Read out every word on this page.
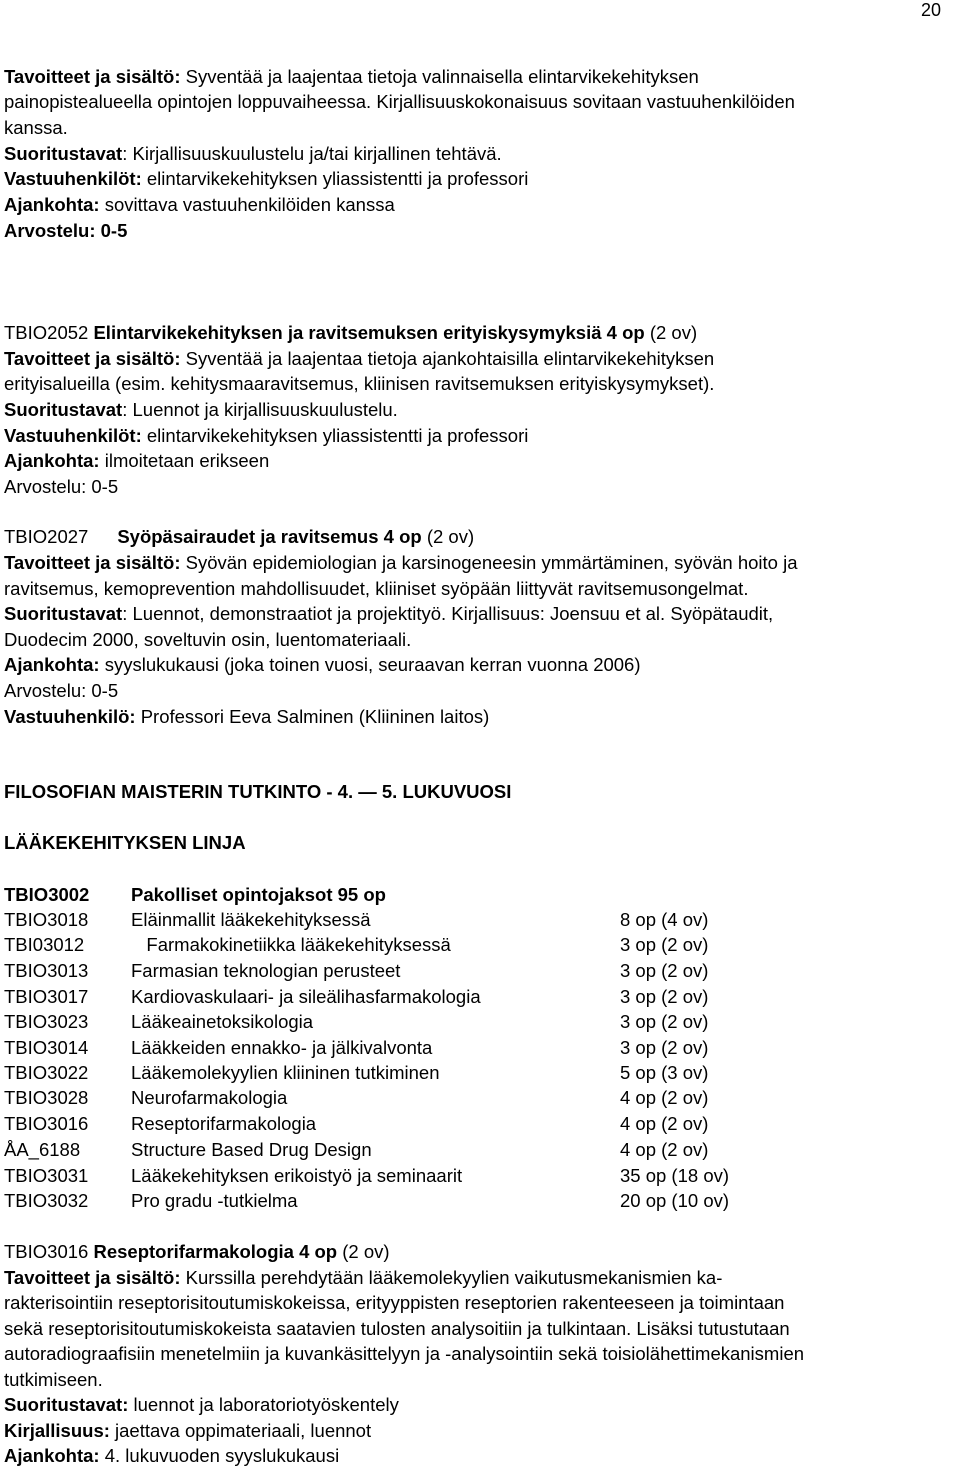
20
Tavoitteet ja sisältö: Syventää ja laajentaa tietoja valinnaisella elintarvikekehityksen
painopistealueella opintojen loppuvaiheessa. Kirjallisuuskokonaisuus sovitaan vastuuhenkilöiden
kanssa.
Suoritustavat: Kirjallisuuskuulustelu ja/tai kirjallinen tehtävä.
Vastuuhenkilöt: elintarvikekehityksen yliassistentti ja professori
Ajankohta: sovittava vastuuhenkilöiden kanssa
Arvostelu: 0-5
TBIO2052 Elintarvikekehityksen ja ravitsemuksen erityiskysymyksiä 4 op (2 ov)
Tavoitteet ja sisältö: Syventää ja laajentaa tietoja ajankohtaisilla elintarvikekehityksen
erityisalueilla (esim. kehitysmaaravitsemus, kliinisen ravitsemuksen erityiskysymykset).
Suoritustavat: Luennot ja kirjallisuuskuulustelu.
Vastuuhenkilöt: elintarvikekehityksen yliassistentti ja professori
Ajankohta: ilmoitetaan erikseen
Arvostelu: 0-5
TBIO2027 Syöpäsairaudet ja ravitsemus 4 op (2 ov)
Tavoitteet ja sisältö: Syövän epidemiologian ja karsinogeneesin ymmärtäminen, syövän hoito ja
ravitsemus, kemoprevention mahdollisuudet, kliiniset syöpään liittyvät ravitsemusongelmat.
Suoritustavat: Luennot, demonstraatiot ja projektityö. Kirjallisuus: Joensuu et al. Syöpätaudit,
Duodecim 2000, soveltuvin osin, luentomateriaali.
Ajankohta: syyslukukausi (joka toinen vuosi, seuraavan kerran vuonna 2006)
Arvostelu: 0-5
Vastuuhenkilö: Professori Eeva Salminen (Kliininen laitos)
FILOSOFIAN MAISTERIN TUTKINTO - 4. — 5. LUKUVUOSI
LÄÄKEKEHITYKSEN LINJA
TBIO3002 Pakolliset opintojaksot 95 op
TBIO3018 Eläinmallit lääkekehityksessä	8 op (4 ov)
TBI03012	Farmakokinetiikka lääkekehityksessä	3 op (2 ov)
TBIO3013 Farmasian teknologian perusteet	3 op (2 ov)
TBIO3017 Kardiovaskulaari- ja sileälihasfarmakologia	3 op (2 ov)
TBIO3023 Lääkeainetoksikologia	3 op (2 ov)
TBIO3014 Lääkkeiden ennakko- ja jälkivalvonta	3 op (2 ov)
TBIO3022 Lääkemolekyylien kliininen tutkiminen	5 op (3 ov)
TBIO3028 Neurofarmakologia	4 op (2 ov)
TBIO3016 Reseptorifarmakologia	4 op (2 ov)
ÅA_6188	Structure Based Drug Design	4 op (2 ov)
TBIO3031 Lääkekehityksen erikoistyö ja seminaarit	35 op (18 ov)
TBIO3032 Pro gradu -tutkielma	20 op (10 ov)
TBIO3016 Reseptorifarmakologia 4 op (2 ov)
Tavoitteet ja sisältö: Kurssilla perehdytään lääkemolekyylien vaikutusmekanismien ka-
rakterisointiin reseptorisitoutumiskokeissa, erityyppisten reseptorien rakenteeseen ja toimintaan
sekä reseptorisitoutumiskokeista saatavien tulosten analysoitiin ja tulkintaan. Lisäksi tutustutaan
autoradiograafisiin menetelmiin ja kuvankäsittelyyn ja -analysointiin sekä toisiolähettimekanismien
tutkimiseen.
Suoritustavat: luennot ja laboratoriotyöskentely
Kirjallisuus: jaettava oppimateriaali, luennot
Ajankohta: 4. lukuvuoden syyslukukausi
